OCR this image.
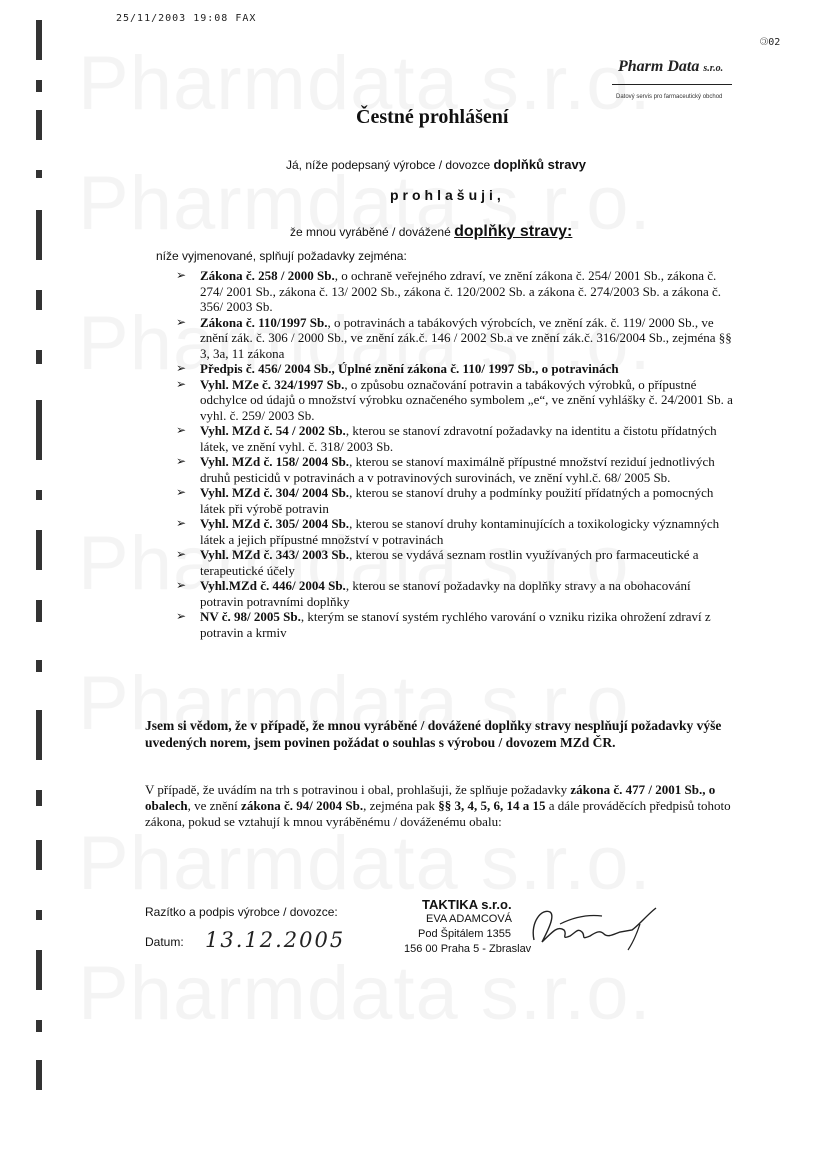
25/11/2003 19:08 FAX
🄯02
Pharm Data s.r.o.
Datový servis pro farmaceutický obchod
Čestné prohlášení
Já, níže podepsaný výrobce / dovozce doplňků stravy
prohlašuji,
že mnou vyráběné / dovážené doplňky stravy:
níže vyjmenované, splňují požadavky zejména:
➢ Zákona č. 258 / 2000 Sb., o ochraně veřejného zdraví, ve znění zákona č. 254/ 2001 Sb., zákona č. 274/ 2001 Sb., zákona č. 13/ 2002 Sb., zákona č. 120/2002 Sb. a zákona č. 274/2003 Sb. a zákona č. 356/ 2003 Sb.
➢ Zákona č. 110/1997 Sb., o potravinách a tabákových výrobcích, ve znění zák. č. 119/ 2000 Sb., ve znění zák. č. 306 / 2000 Sb., ve znění zák.č. 146 / 2002 Sb.a ve znění zák.č. 316/2004 Sb., zejména §§ 3, 3a, 11 zákona
➢ Předpis č. 456/ 2004 Sb., Úplné znění zákona č. 110/ 1997 Sb., o potravinách
➢ Vyhl. MZe č. 324/1997 Sb., o způsobu označování potravin a tabákových výrobků, o přípustné odchylce od údajů o množství výrobku označeného symbolem „e“, ve znění vyhlášky č. 24/2001 Sb. a vyhl. č. 259/ 2003 Sb.
➢ Vyhl. MZd č. 54 / 2002 Sb., kterou se stanoví zdravotní požadavky na identitu a čistotu přídatných látek, ve znění vyhl. č. 318/ 2003 Sb.
➢ Vyhl. MZd č. 158/ 2004 Sb., kterou se stanoví maximálně přípustné množství reziduí jednotlivých druhů pesticidů v potravinách a v potravinových surovinách, ve znění vyhl.č. 68/ 2005 Sb.
➢ Vyhl. MZd č. 304/ 2004 Sb., kterou se stanoví druhy a podmínky použití přídatných a pomocných látek při výrobě potravin
➢ Vyhl. MZd č. 305/ 2004 Sb., kterou se stanoví druhy kontaminujících a toxikologicky významných látek a jejich přípustné množství v potravinách
➢ Vyhl. MZd č. 343/ 2003 Sb., kterou se vydává seznam rostlin využívaných pro farmaceutické a terapeutické účely
➢ Vyhl.MZd č. 446/ 2004 Sb., kterou se stanoví požadavky na doplňky stravy a na obohacování potravin potravními doplňky
➢ NV č. 98/ 2005 Sb., kterým se stanoví systém rychlého varování o vzniku rizika ohrožení zdraví z potravin a krmiv
Jsem si vědom, že v případě, že mnou vyráběné / dovážené doplňky stravy nesplňují požadavky výše uvedených norem, jsem povinen požádat o souhlas s výrobou / dovozem MZd ČR.
V případě, že uvádím na trh s potravinou i obal, prohlašuji, že splňuje požadavky zákona č. 477 / 2001 Sb., o obalech, ve znění zákona č. 94/ 2004 Sb., zejména pak §§ 3, 4, 5, 6, 14 a 15 a dále prováděcích předpisů tohoto zákona, pokud se vztahují k mnou vyráběnému / dováženému obalu:
Razítko a podpis výrobce / dovozce:
Datum: 13.12.2005
TAKTIKA s.r.o.
EVA ADAMCOVÁ
Pod Špitálem 1355
156 00 Praha 5 - Zbraslav
